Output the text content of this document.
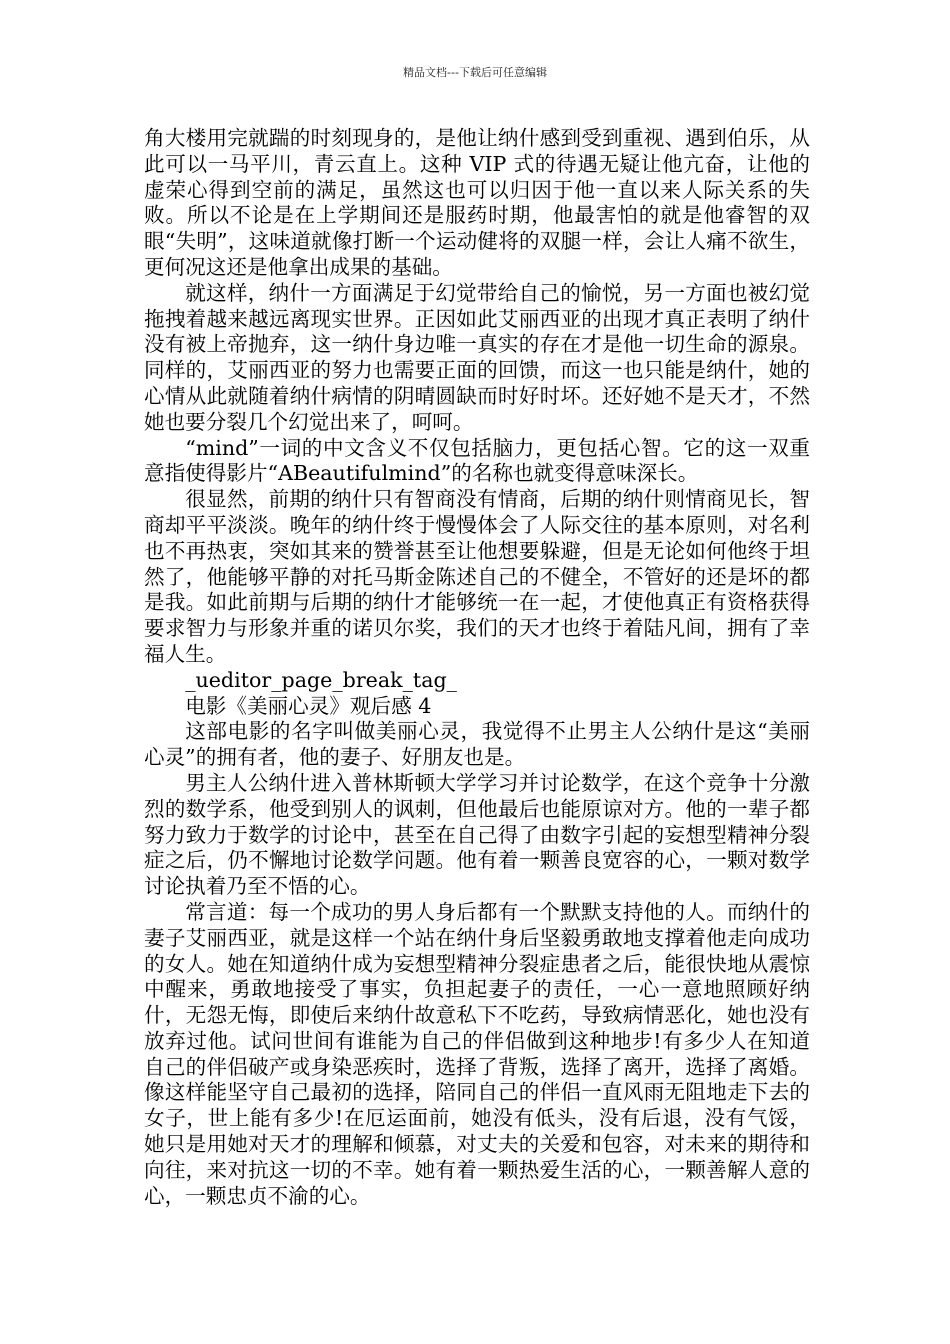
精品文档---下载后可任意编辑

角大楼用完就踹的时刻现身的，是他让纳什感到受到重视、遇到伯乐，从此可以一马平川，青云直上。这种 VIP 式的待遇无疑让他亢奋，让他的虚荣心得到空前的满足，虽然这也可以归因于他一直以来人际关系的失败。所以不论是在上学期间还是服药时期，他最害怕的就是他睿智的双眼“失明”，这味道就像打断一个运动健将的双腿一样，会让人痛不欲生，更何况这还是他拿出成果的基础。

就这样，纳什一方面满足于幻觉带给自己的愉悦，另一方面也被幻觉拖拽着越来越远离现实世界。正因如此艾丽西亚的出现才真正表明了纳什没有被上帝抛弃，这一纳什身边唯一真实的存在才是他一切生命的源泉。同样的，艾丽西亚的努力也需要正面的回馈，而这一也只能是纳什，她的心情从此就随着纳什病情的阴晴圆缺而时好时坏。还好她不是天才，不然她也要分裂几个幻觉出来了，呵呵。

“mind”一词的中文含义不仅包括脑力，更包括心智。它的这一双重意指使得影片“ABeautifulmind”的名称也就变得意味深长。

很显然，前期的纳什只有智商没有情商，后期的纳什则情商见长，智商却平平淡淡。晚年的纳什终于慢慢体会了人际交往的基本原则，对名利也不再热衷，突如其来的赞誉甚至让他想要躲避，但是无论如何他终于坦然了，他能够平静的对托马斯金陈述自己的不健全，不管好的还是坏的都是我。如此前期与后期的纳什才能够统一在一起，才使他真正有资格获得要求智力与形象并重的诺贝尔奖，我们的天才也终于着陆凡间，拥有了幸福人生。

_ueditor_page_break_tag_

电影《美丽心灵》观后感 4

这部电影的名字叫做美丽心灵，我觉得不止男主人公纳什是这“美丽心灵”的拥有者，他的妻子、好朋友也是。

男主人公纳什进入普林斯顿大学学习并讨论数学，在这个竞争十分激烈的数学系，他受到别人的讽刺，但他最后也能原谅对方。他的一辈子都努力致力于数学的讨论中，甚至在自己得了由数字引起的妄想型精神分裂症之后，仍不懈地讨论数学问题。他有着一颗善良宽容的心，一颗对数学讨论执着乃至不悟的心。

常言道：每一个成功的男人身后都有一个默默支持他的人。而纳什的妻子艾丽西亚，就是这样一个站在纳什身后坚毅勇敢地支撑着他走向成功的女人。她在知道纳什成为妄想型精神分裂症患者之后，能很快地从震惊中醒来，勇敢地接受了事实，负担起妻子的责任，一心一意地照顾好纳什，无怨无悔，即使后来纳什故意私下不吃药，导致病情恶化，她也没有放弃过他。试问世间有谁能为自己的伴侣做到这种地步!有多少人在知道自己的伴侣破产或身染恶疾时，选择了背叛，选择了离开，选择了离婚。像这样能坚守自己最初的选择，陪同自己的伴侣一直风雨无阻地走下去的女子，世上能有多少!在厄运面前，她没有低头，没有后退，没有气馁，她只是用她对天才的理解和倾慕，对丈夫的关爱和包容，对未来的期待和向往，来对抗这一切的不幸。她有着一颗热爱生活的心，一颗善解人意的心，一颗忠贞不渝的心。
